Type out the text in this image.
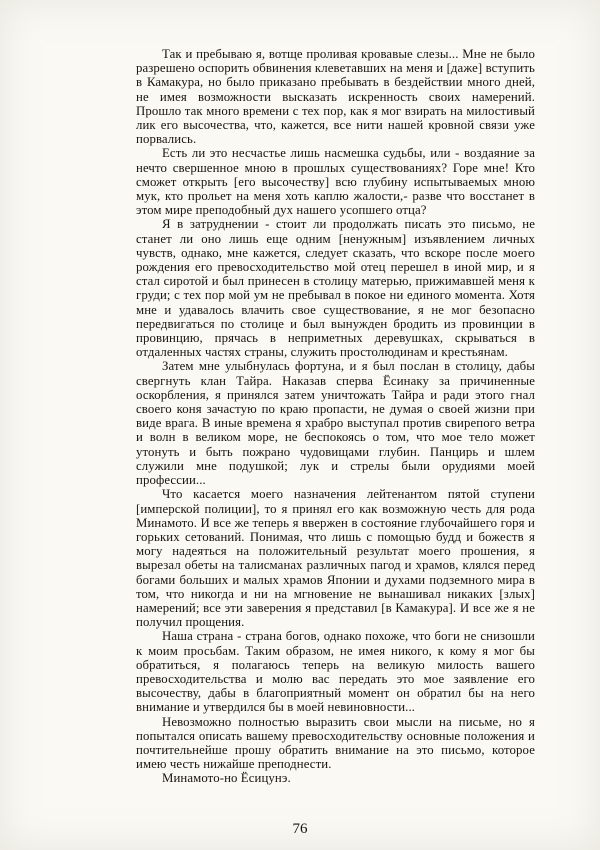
Так и пребываю я, вотще проливая кровавые слезы... Мне не было разрешено оспорить обвинения клеветавших на меня и [даже] вступить в Камакура, но было приказано пребывать в бездействии много дней, не имея возможности высказать искренность своих намерений. Прошло так много времени с тех пор, как я мог взирать на милостивый лик его высочества, что, кажется, все нити нашей кровной связи уже порвались.

Есть ли это несчастье лишь насмешка судьбы, или - воздаяние за нечто свершенное мною в прошлых существованиях? Горе мне! Кто сможет открыть [его высочеству] всю глубину испытываемых мною мук, кто прольет на меня хоть каплю жалости,- разве что восстанет в этом мире преподобный дух нашего усопшего отца?

Я в затруднении - стоит ли продолжать писать это письмо, не станет ли оно лишь еще одним [ненужным] изъявлением личных чувств, однако, мне кажется, следует сказать, что вскоре после моего рождения его превосходительство мой отец перешел в иной мир, и я стал сиротой и был принесен в столицу матерью, прижимавшей меня к груди; с тех пор мой ум не пребывал в покое ни единого момента. Хотя мне и удавалось влачить свое существование, я не мог безопасно передвигаться по столице и был вынужден бродить из провинции в провинцию, прячась в неприметных деревушках, скрываться в отдаленных частях страны, служить простолюдинам и крестьянам.

Затем мне улыбнулась фортуна, и я был послан в столицу, дабы свергнуть клан Тайра. Наказав сперва Ёсинаку за причиненные оскорбления, я принялся затем уничтожать Тайра и ради этого гнал своего коня зачастую по краю пропасти, не думая о своей жизни при виде врага. В иные времена я храбро выступал против свирепого ветра и волн в великом море, не беспокоясь о том, что мое тело может утонуть и быть пожрано чудовищами глубин. Панцирь и шлем служили мне подушкой; лук и стрелы были орудиями моей профессии...

Что касается моего назначения лейтенантом пятой ступени [имперской полиции], то я принял его как возможную честь для рода Минамото. И все же теперь я ввержен в состояние глубочайшего горя и горьких сетований. Понимая, что лишь с помощью будд и божеств я могу надеяться на положительный результат моего прошения, я вырезал обеты на талисманах различных пагод и храмов, клялся перед богами больших и малых храмов Японии и духами подземного мира в том, что никогда и ни на мгновение не вынашивал никаких [злых] намерений; все эти заверения я представил [в Камакура]. И все же я не получил прощения.

Наша страна - страна богов, однако похоже, что боги не снизошли к моим просьбам. Таким образом, не имея никого, к кому я мог бы обратиться, я полагаюсь теперь на великую милость вашего превосходительства и молю вас передать это мое заявление его высочеству, дабы в благоприятный момент он обратил бы на него внимание и утвердился бы в моей невиновности...

Невозможно полностью выразить свои мысли на письме, но я попытался описать вашему превосходительству основные положения и почтительнейше прошу обратить внимание на это письмо, которое имею честь нижайше преподнести.

Минамото-но Ёсицунэ.

76
